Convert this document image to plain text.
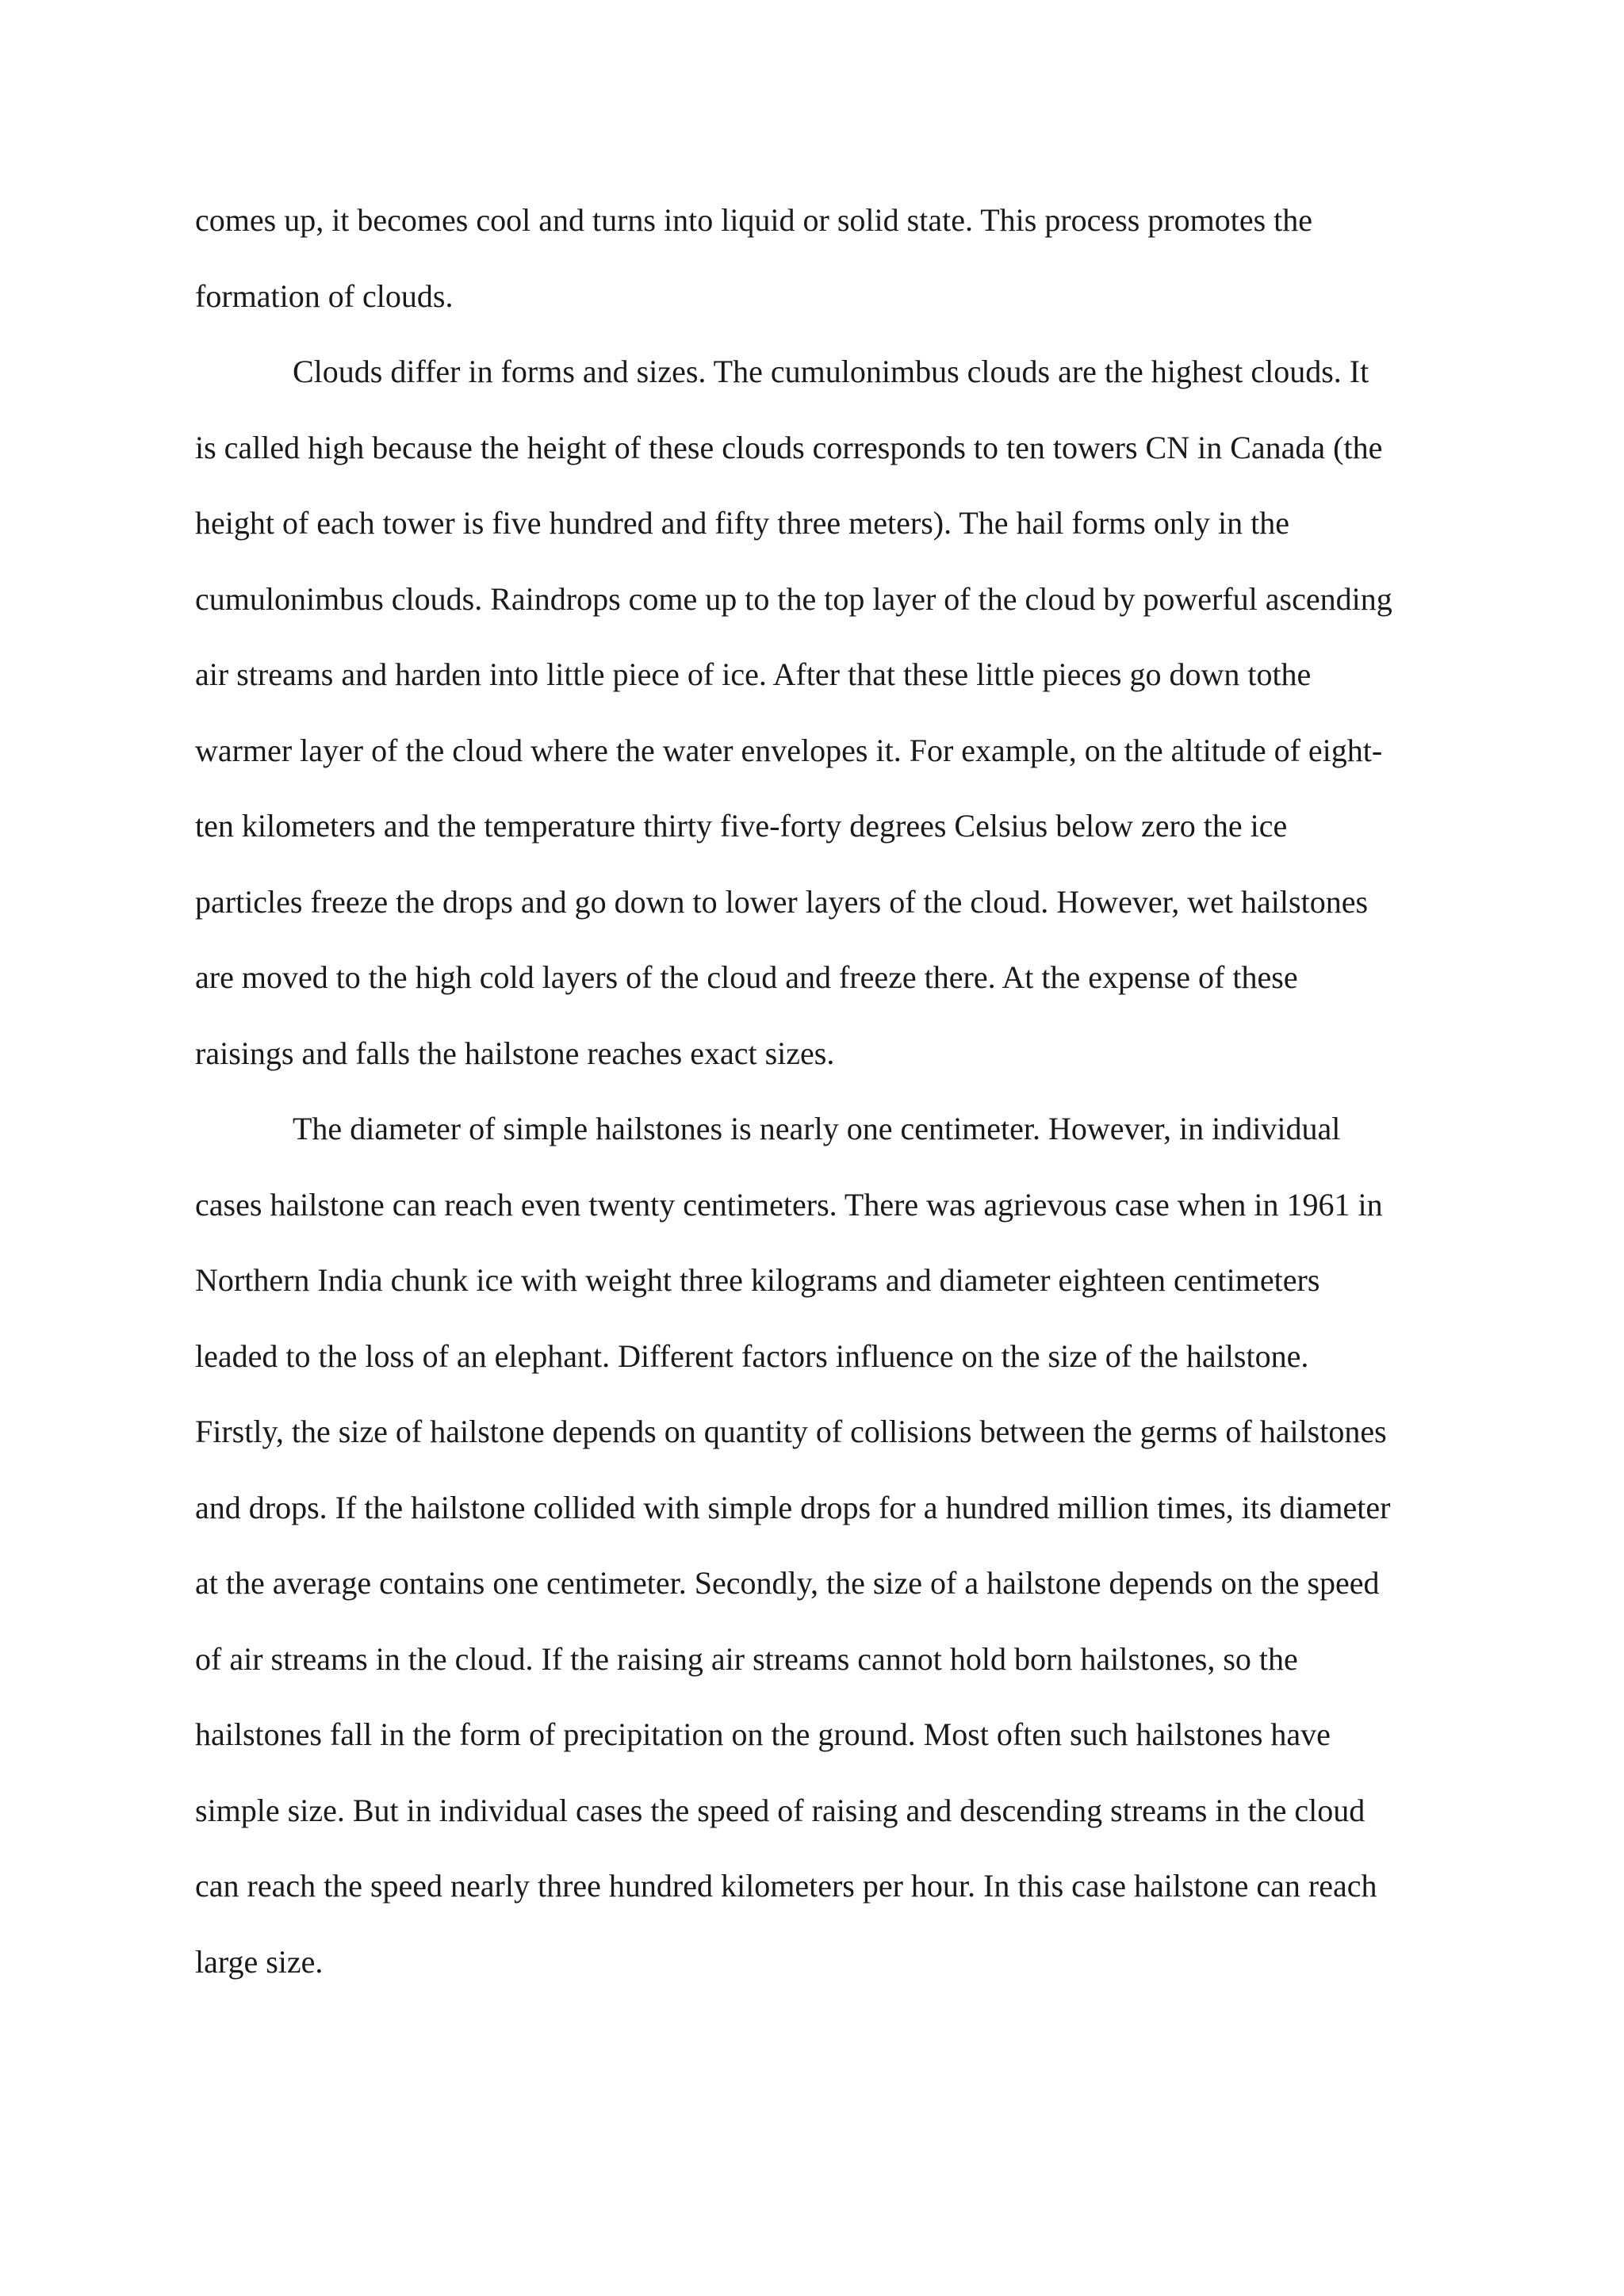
comes up, it becomes cool and turns into liquid or solid state. This process promotes the
formation of clouds.
Clouds differ in forms and sizes. The cumulonimbus clouds are the highest clouds. It
is called high because the height of these clouds corresponds to ten towers CN in Canada (the
height of each tower is five hundred and fifty three meters). The hail forms only in the
cumulonimbus clouds. Raindrops come up to the top layer of the cloud by powerful ascending
air streams and harden into little piece of ice. After that these little pieces go down tothe
warmer layer of the cloud where the water envelopes it. For example, on the altitude of eight-
ten kilometers and the temperature thirty five-forty degrees Celsius below zero the ice
particles freeze the drops and go down to lower layers of the cloud. However, wet hailstones
are moved to the high cold layers of the cloud and freeze there. At the expense of these
raisings and falls the hailstone reaches exact sizes.
The diameter of simple hailstones is nearly one centimeter. However, in individual
cases hailstone can reach even twenty centimeters. There was agrievous case when in 1961 in
Northern India chunk ice with weight three kilograms and diameter eighteen centimeters
leaded to the loss of an elephant. Different factors influence on the size of the hailstone.
Firstly, the size of hailstone depends on quantity of collisions between the germs of hailstones
and drops. If the hailstone collided with simple drops for a hundred million times, its diameter
at the average contains one centimeter. Secondly, the size of a hailstone depends on the speed
of air streams in the cloud. If the raising air streams cannot hold born hailstones, so the
hailstones fall in the form of precipitation on the ground. Most often such hailstones have
simple size. But in individual cases the speed of raising and descending streams in the cloud
can reach the speed nearly three hundred kilometers per hour. In this case hailstone can reach
large size.
